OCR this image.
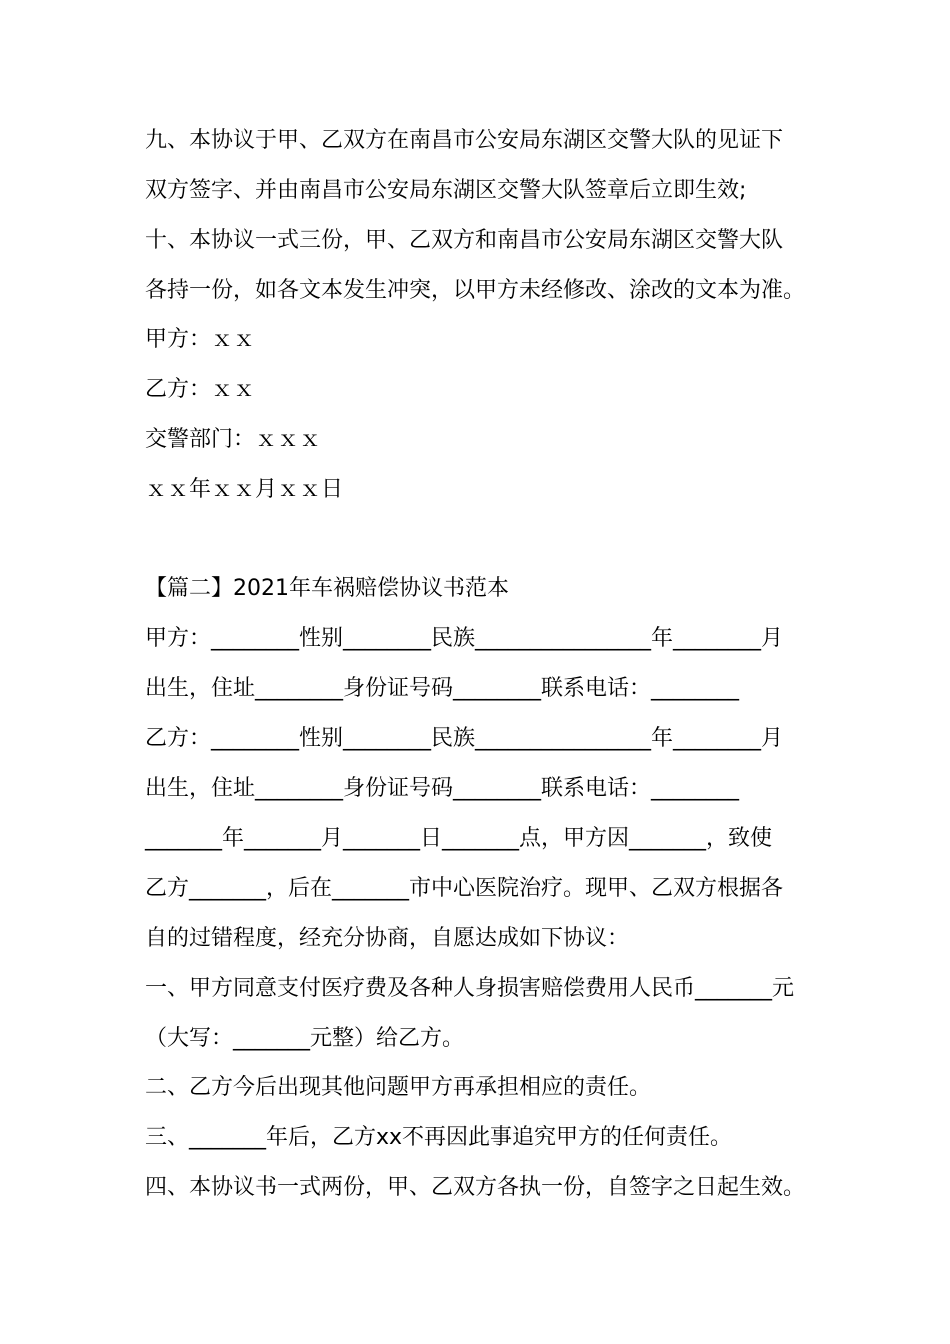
九、本协议于甲、乙双方在南昌市公安局东湖区交警大队的见证下

双方签字、并由南昌市公安局东湖区交警大队签章后立即生效;

十、本协议一式三份，甲、乙双方和南昌市公安局东湖区交警大队

各持一份，如各文本发生冲突，以甲方未经修改、涂改的文本为准。

甲方：ｘｘ

乙方：ｘｘ

交警部门：ｘｘｘ

ｘｘ年ｘｘ月ｘｘ日

【篇二】2021年车祸赔偿协议书范本

甲方：________性别________民族________________年________月

出生，住址________身份证号码________联系电话：________

乙方：________性别________民族________________年________月

出生，住址________身份证号码________联系电话：________

_______年_______月_______日_______点，甲方因_______，致使

乙方_______，后在_______市中心医院治疗。现甲、乙双方根据各

自的过错程度，经充分协商，自愿达成如下协议：

一、甲方同意支付医疗费及各种人身损害赔偿费用人民币_______元

（大写：_______元整）给乙方。

二、乙方今后出现其他问题甲方再承担相应的责任。

三、_______年后，乙方xx不再因此事追究甲方的任何责任。

四、本协议书一式两份，甲、乙双方各执一份，自签字之日起生效。
